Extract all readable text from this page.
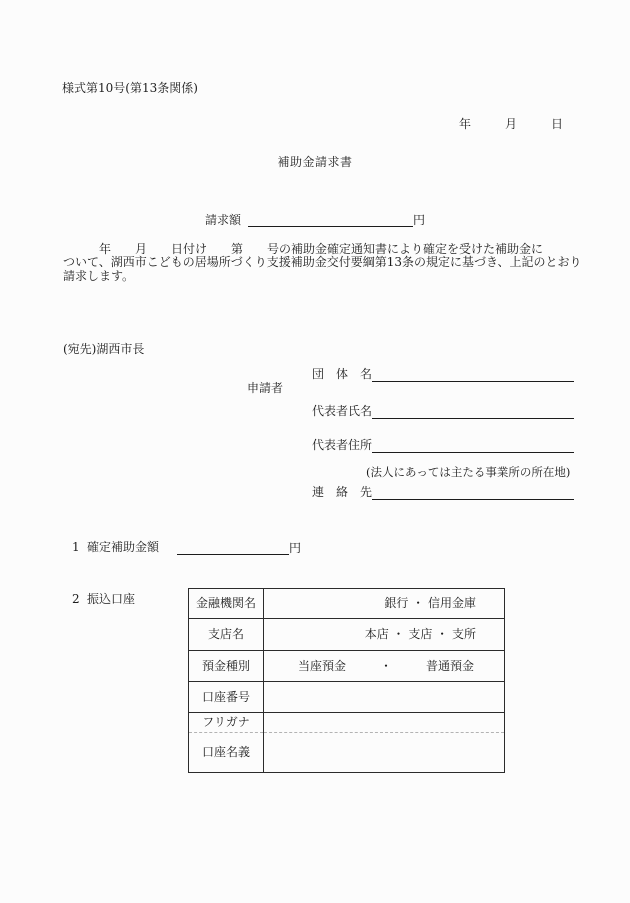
様式第10号(第13条関係)
年	月	日
補助金請求書
請求額	円
　　　年　　月　　日付け　　第　　号の補助金確定通知書により確定を受けた補助金に
ついて、湖西市こどもの居場所づくり支援補助金交付要綱第13条の規定に基づき、上記のとおり
請求します。
(宛先)湖西市長
申請者
団　体　名
代表者氏名
代表者住所
(法人にあっては主たる事業所の所在地)
連　絡　先
1 確定補助金額	円
2 振込口座	金融機関名	銀行 ・ 信用金庫
支店名	本店 ・ 支店 ・ 支所
預金種別	当座預金 ・ 普通預金

口座番号	
フリガナ	
口座名義	
